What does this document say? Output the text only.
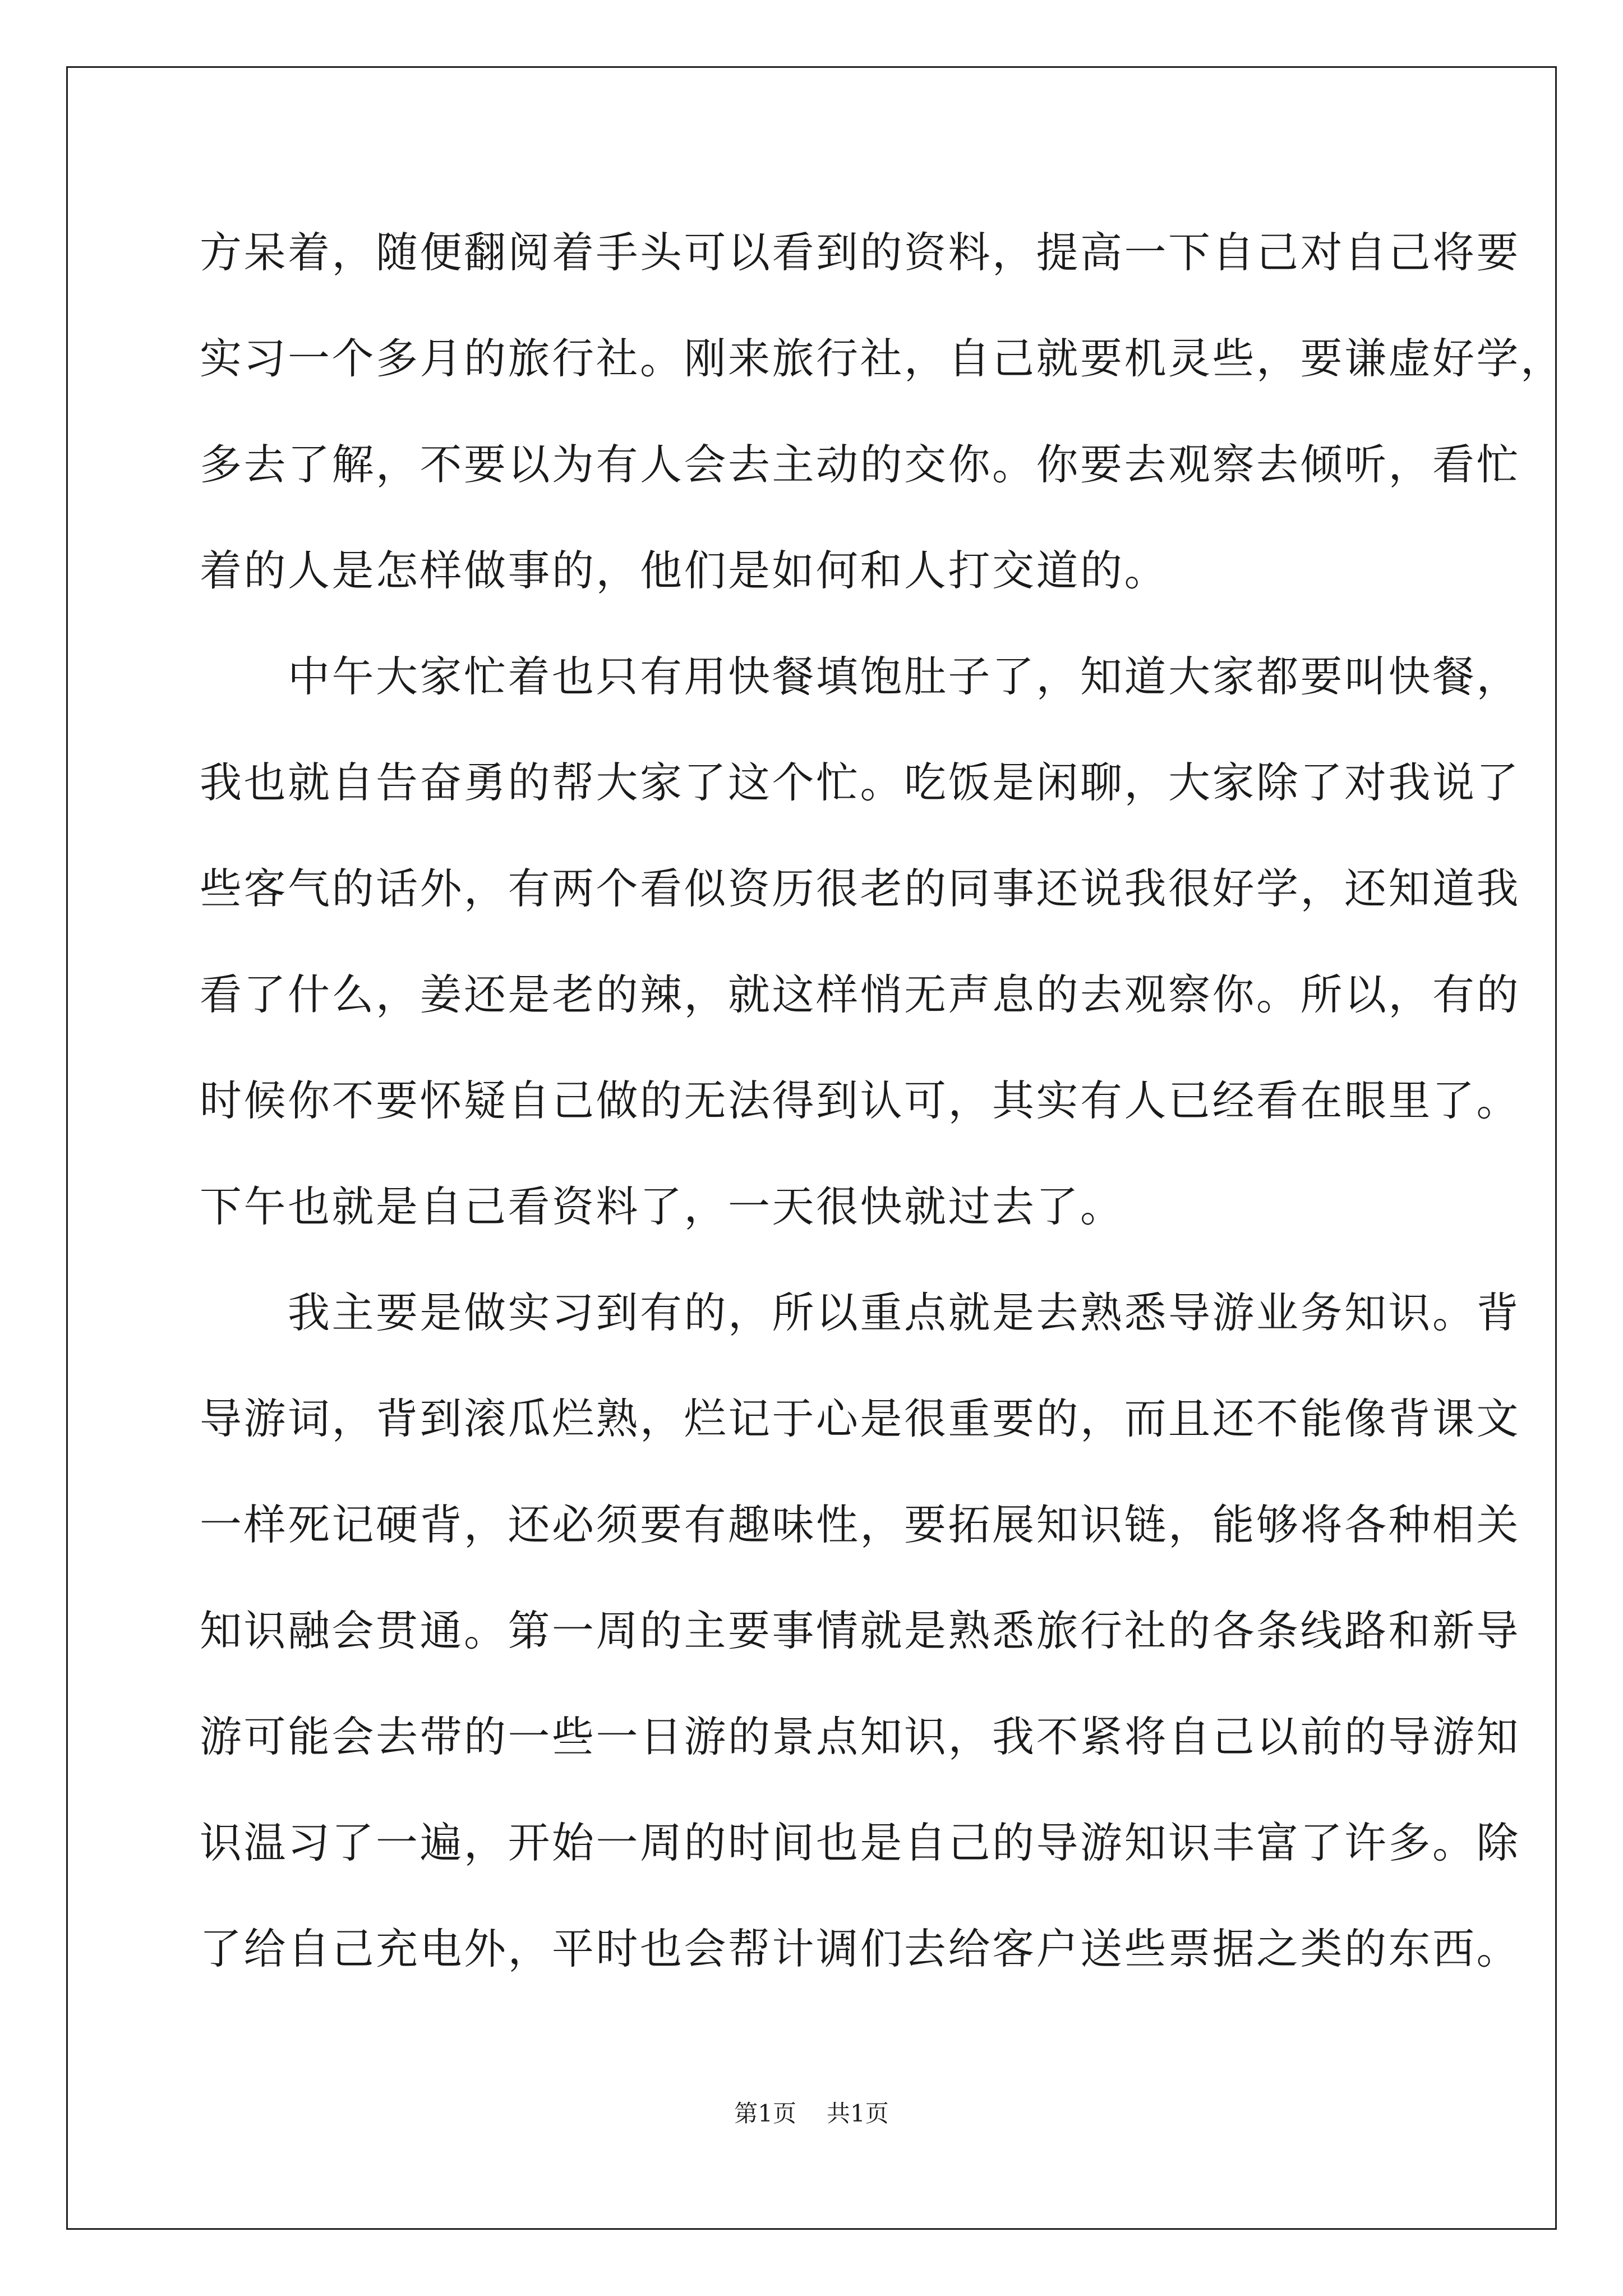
方呆着，随便翻阅着手头可以看到的资料，提高一下自己对自己将要
实习一个多月的旅行社。刚来旅行社，自己就要机灵些，要谦虚好学，
多去了解，不要以为有人会去主动的交你。你要去观察去倾听，看忙
着的人是怎样做事的，他们是如何和人打交道的。
　　中午大家忙着也只有用快餐填饱肚子了，知道大家都要叫快餐，
我也就自告奋勇的帮大家了这个忙。吃饭是闲聊，大家除了对我说了
些客气的话外，有两个看似资历很老的同事还说我很好学，还知道我
看了什么，姜还是老的辣，就这样悄无声息的去观察你。所以，有的
时候你不要怀疑自己做的无法得到认可，其实有人已经看在眼里了。
下午也就是自己看资料了，一天很快就过去了。
　　我主要是做实习到有的，所以重点就是去熟悉导游业务知识。背
导游词，背到滚瓜烂熟，烂记于心是很重要的，而且还不能像背课文
一样死记硬背，还必须要有趣味性，要拓展知识链，能够将各种相关
知识融会贯通。第一周的主要事情就是熟悉旅行社的各条线路和新导
游可能会去带的一些一日游的景点知识，我不紧将自己以前的导游知
识温习了一遍，开始一周的时间也是自己的导游知识丰富了许多。除
了给自己充电外，平时也会帮计调们去给客户送些票据之类的东西。
第1页 共1页
